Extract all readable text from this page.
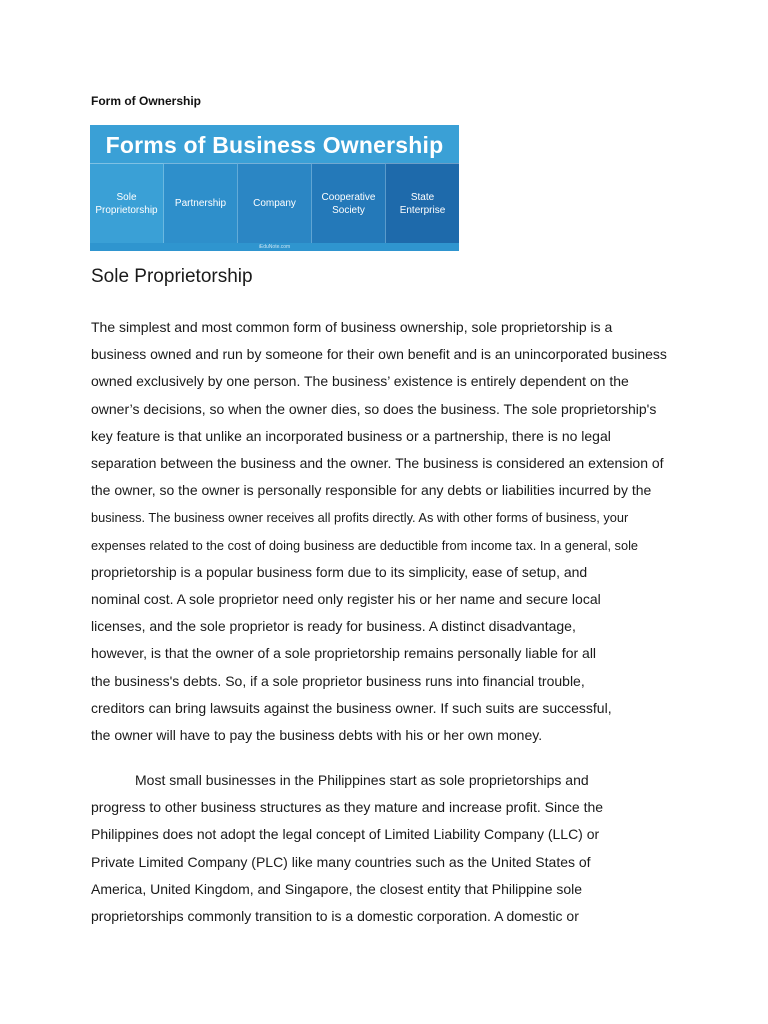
Form of Ownership
Forms of Business Ownership
Sole Proprietorship
Partnership	Company
Cooperative Society
State Enterprise
iEduNote.com
Sole Proprietorship
The simplest and most common form of business ownership, sole proprietorship is a
business owned and run by someone for their own benefit and is an unincorporated business
owned exclusively by one person. The business’ existence is entirely dependent on the
owner’s decisions, so when the owner dies, so does the business. The sole proprietorship's
key feature is that unlike an incorporated business or a partnership, there is no legal
separation between the business and the owner. The business is considered an extension of
the owner, so the owner is personally responsible for any debts or liabilities incurred by the
business. The business owner receives all profits directly. As with other forms of business, your
expenses related to the cost of doing business are deductible from income tax. In a general, sole
proprietorship is a popular business form due to its simplicity, ease of setup, and
nominal cost. A sole proprietor need only register his or her name and secure local
licenses, and the sole proprietor is ready for business. A distinct disadvantage,
however, is that the owner of a sole proprietorship remains personally liable for all
the business's debts. So, if a sole proprietor business runs into financial trouble,
creditors can bring lawsuits against the business owner. If such suits are successful,
the owner will have to pay the business debts with his or her own money.
Most small businesses in the Philippines start as sole proprietorships and
progress to other business structures as they mature and increase profit. Since the
Philippines does not adopt the legal concept of Limited Liability Company (LLC) or
Private Limited Company (PLC) like many countries such as the United States of
America, United Kingdom, and Singapore, the closest entity that Philippine sole
proprietorships commonly transition to is a domestic corporation. A domestic or
